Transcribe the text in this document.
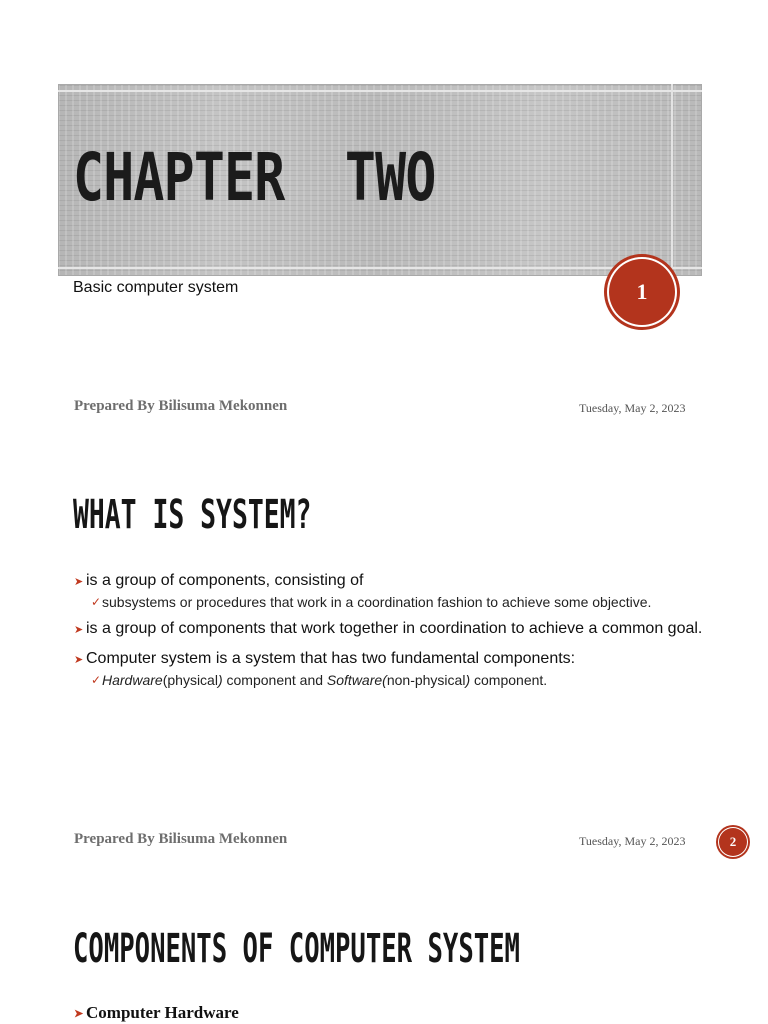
CHAPTER  TWO
Basic computer system	1
Prepared By Bilisuma Mekonnen	Tuesday, May 2, 2023
WHAT IS SYSTEM?
➤ is a group of components, consisting of
✓ subsystems or procedures that work in a coordination fashion to achieve some objective.
➤ is a group of components that work together in coordination to achieve a common goal.
➤ Computer system is a system that has two fundamental components:
✓ Hardware(physical) component and Software(non-physical) component.
Prepared By Bilisuma Mekonnen	Tuesday, May 2, 2023	2
COMPONENTS OF COMPUTER SYSTEM
➤ Computer Hardware
